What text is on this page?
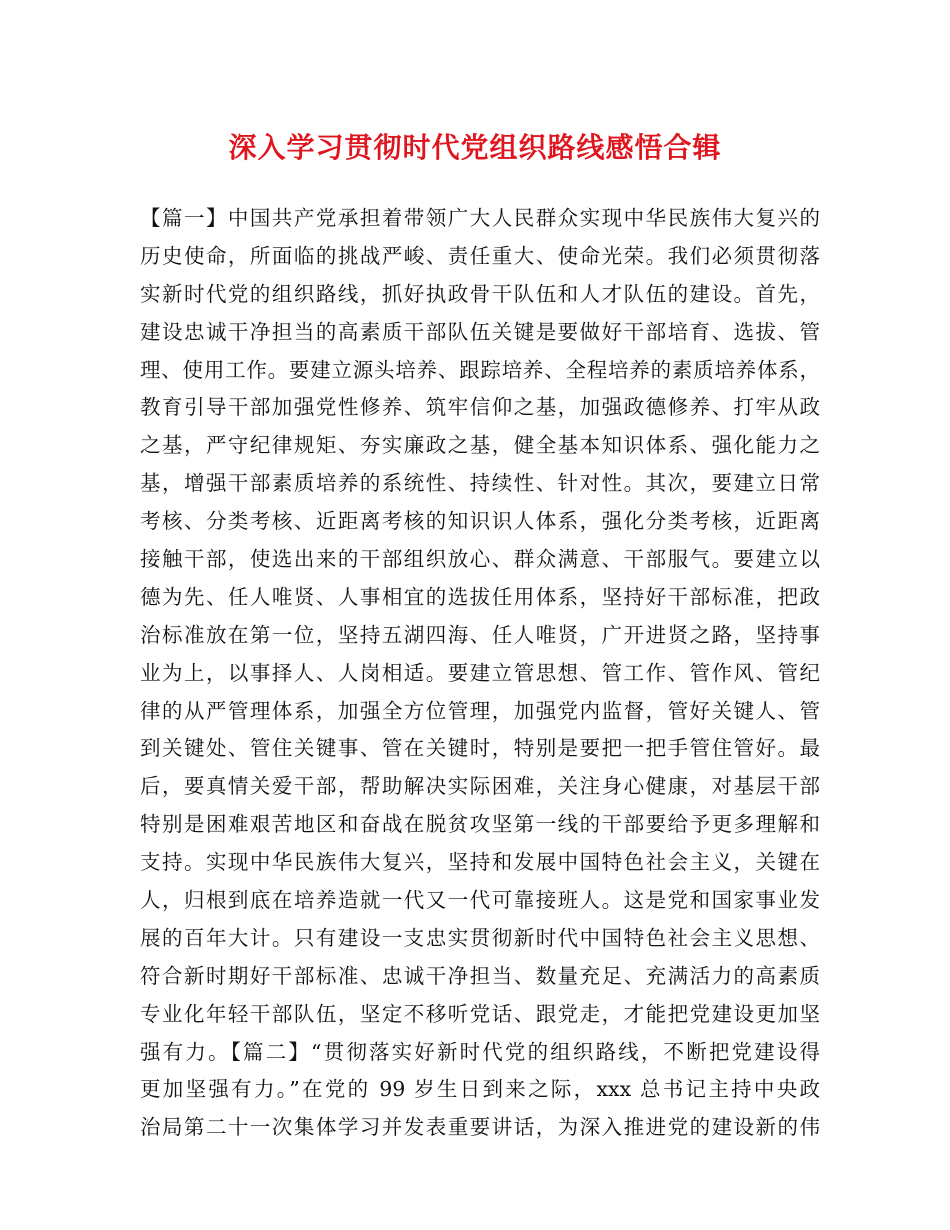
深入学习贯彻时代党组织路线感悟合辑
【篇一】中国共产党承担着带领广大人民群众实现中华民族伟大复兴的
历史使命，所面临的挑战严峻、责任重大、使命光荣。我们必须贯彻落
实新时代党的组织路线，抓好执政骨干队伍和人才队伍的建设。首先，
建设忠诚干净担当的高素质干部队伍关键是要做好干部培育、选拔、管
理、使用工作。要建立源头培养、跟踪培养、全程培养的素质培养体系，
教育引导干部加强党性修养、筑牢信仰之基，加强政德修养、打牢从政
之基，严守纪律规矩、夯实廉政之基，健全基本知识体系、强化能力之
基，增强干部素质培养的系统性、持续性、针对性。其次，要建立日常
考核、分类考核、近距离考核的知识识人体系，强化分类考核，近距离
接触干部，使选出来的干部组织放心、群众满意、干部服气。要建立以
德为先、任人唯贤、人事相宜的选拔任用体系，坚持好干部标准，把政
治标准放在第一位，坚持五湖四海、任人唯贤，广开进贤之路，坚持事
业为上，以事择人、人岗相适。要建立管思想、管工作、管作风、管纪
律的从严管理体系，加强全方位管理，加强党内监督，管好关键人、管
到关键处、管住关键事、管在关键时，特别是要把一把手管住管好。最
后，要真情关爱干部，帮助解决实际困难，关注身心健康，对基层干部
特别是困难艰苦地区和奋战在脱贫攻坚第一线的干部要给予更多理解和
支持。实现中华民族伟大复兴，坚持和发展中国特色社会主义，关键在
人，归根到底在培养造就一代又一代可靠接班人。这是党和国家事业发
展的百年大计。只有建设一支忠实贯彻新时代中国特色社会主义思想、
符合新时期好干部标准、忠诚干净担当、数量充足、充满活力的高素质
专业化年轻干部队伍，坚定不移听党话、跟党走，才能把党建设更加坚
强有力。【篇二】“贯彻落实好新时代党的组织路线，不断把党建设得
更加坚强有力。”在党的 99 岁生日到来之际，xxx 总书记主持中央政
治局第二十一次集体学习并发表重要讲话，为深入推进党的建设新的伟
